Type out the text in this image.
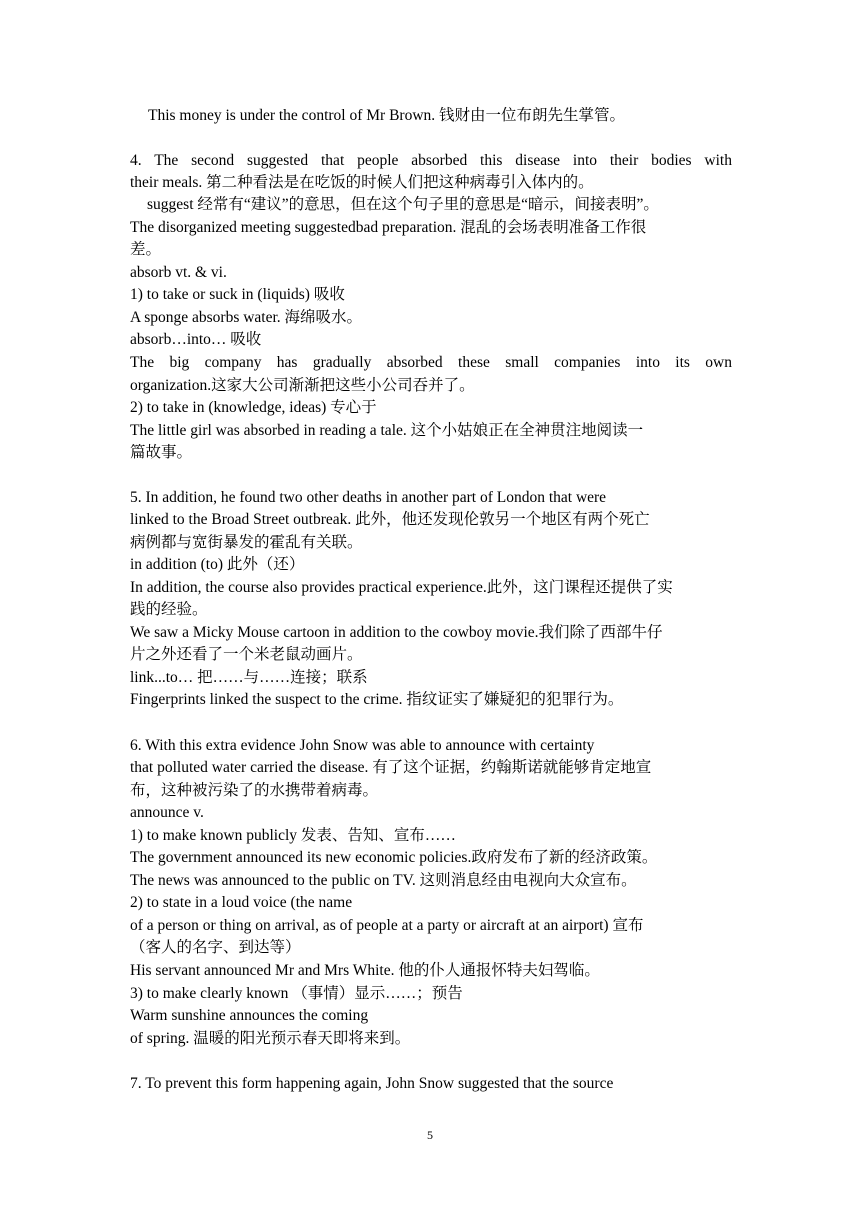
This money is under the control of Mr Brown. 钱财由一位布朗先生掌管。
4. The second suggested that people absorbed this disease into their bodies with
their meals. 第二种看法是在吃饭的时候人们把这种病毒引入体内的。
suggest 经常有“建议”的意思，但在这个句子里的意思是“暗示，间接表明”。
The disorganized meeting suggestedbad preparation. 混乱的会场表明准备工作很
差。
absorb vt. & vi.
1) to take or suck in (liquids) 吸收
A sponge absorbs water. 海绵吸水。
absorb…into… 吸收
The big company has gradually absorbed these small companies into its own
organization.这家大公司渐渐把这些小公司吞并了。
2) to take in (knowledge, ideas) 专心于
The little girl was absorbed in reading a tale. 这个小姑娘正在全神贯注地阅读一
篇故事。
5. In addition, he found two other deaths in another part of London that were
linked to the Broad Street outbreak. 此外，他还发现伦敦另一个地区有两个死亡
病例都与宽街暴发的霍乱有关联。
in addition (to) 此外（还）
In addition, the course also provides practical experience.此外，这门课程还提供了实
践的经验。
We saw a Micky Mouse cartoon in addition to the cowboy movie.我们除了西部牛仔
片之外还看了一个米老鼠动画片。
link...to… 把……与……连接；联系
Fingerprints linked the suspect to the crime. 指纹证实了嫌疑犯的犯罪行为。
6. With this extra evidence John Snow was able to announce with certainty
that polluted water carried the disease. 有了这个证据，约翰斯诺就能够肯定地宣
布，这种被污染了的水携带着病毒。
announce v.
1) to make known publicly 发表、告知、宣布……
The government announced its new economic policies.政府发布了新的经济政策。
The news was announced to the public on TV. 这则消息经由电视向大众宣布。
2) to state in a loud voice (the name
of a person or thing on arrival, as of people at a party or aircraft at an airport) 宣布
（客人的名字、到达等）
His servant announced Mr and Mrs White. 他的仆人通报怀特夫妇驾临。
3) to make clearly known （事情）显示……；预告
Warm sunshine announces the coming
of spring. 温暖的阳光预示春天即将来到。
7. To prevent this form happening again, John Snow suggested that the source
5
